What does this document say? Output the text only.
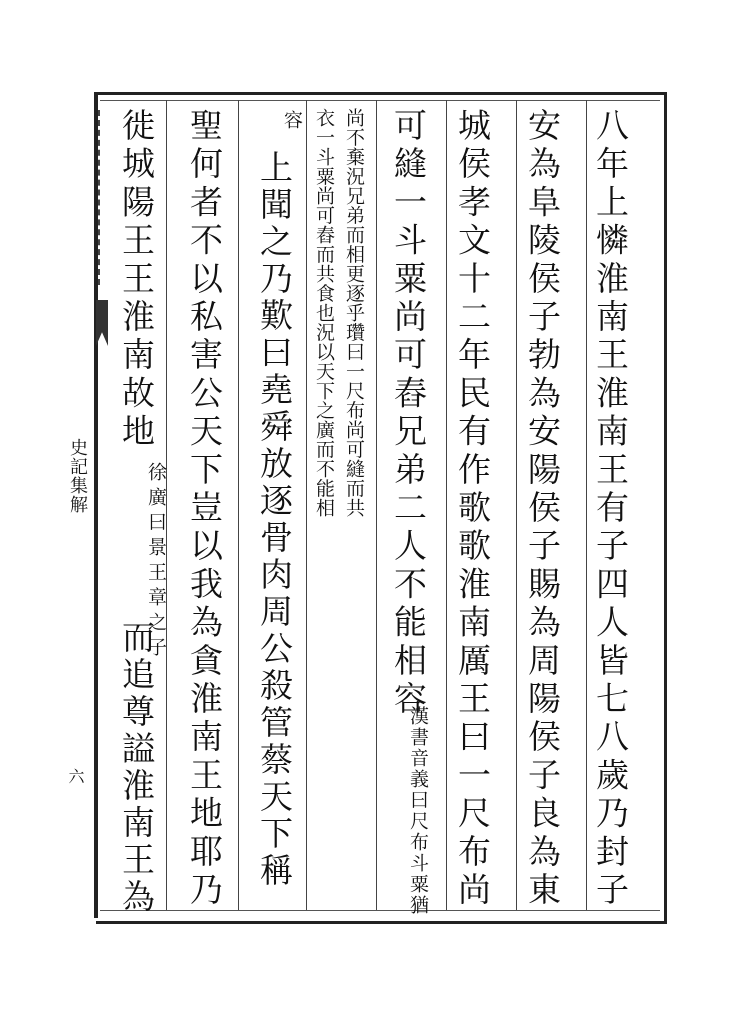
史記集解
六	八年上憐淮南王淮南王有子四人皆七八歲乃封子
安為阜陵侯子勃為安陽侯子賜為周陽侯子良為東
城侯孝文十二年民有作歌歌淮南厲王曰一尺布尚
可縫一斗粟尚可舂兄弟二人不能相容
漢書音義曰尺布斗粟猶
尚不棄況兄弟而相更逐乎瓚曰一尺布尚可縫而共
衣一斗粟尚可舂而共食也況以天下之廣而不能相
容
上聞之乃歎曰堯舜放逐骨肉周公殺管蔡天下稱
聖何者不以私害公天下豈以我為貪淮南王地耶乃
徙城陽王王淮南故地
徐廣曰景王章之子
而追尊謚淮南王為
